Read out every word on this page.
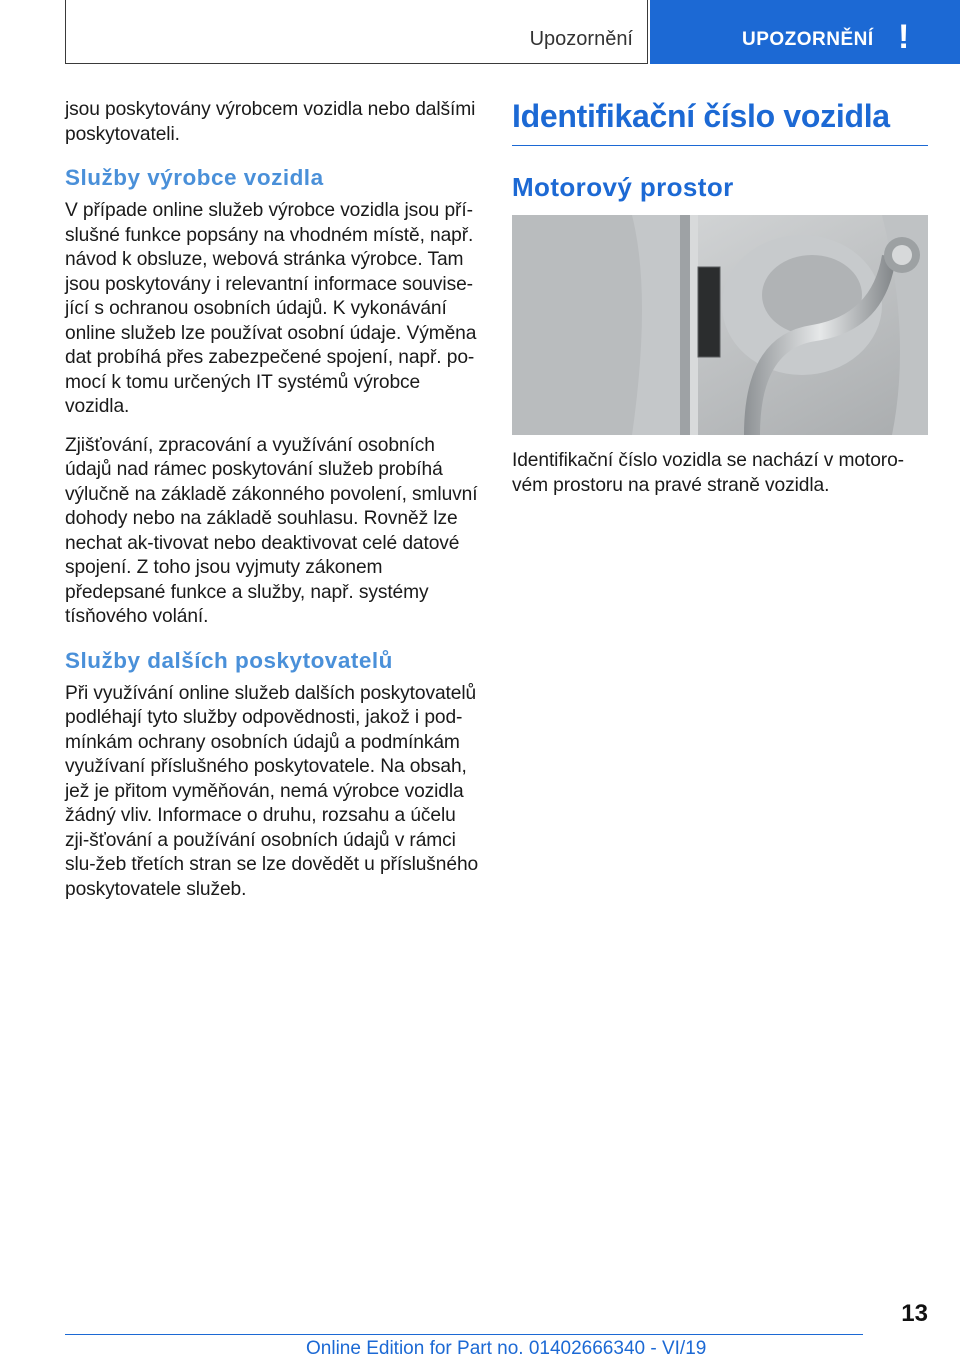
Upozornění	UPOZORNĚNÍ !

jsou poskytovány výrobcem vozidla nebo dalšími poskytovateli.

Služby výrobce vozidla

V případe online služeb výrobce vozidla jsou pří‐slušné funkce popsány na vhodném místě, např. návod k obsluze, webová stránka výrobce. Tam jsou poskytovány i relevantní informace souvise‐jící s ochranou osobních údajů. K vykonávání online služeb lze používat osobní údaje. Výměna dat probíhá přes zabezpečené spojení, např. po‐mocí k tomu určených IT systémů výrobce vozidla.

Zjišťování, zpracování a využívání osobních údajů nad rámec poskytování služeb probíhá výlučně na základě zákonného povolení, smluvní dohody nebo na základě souhlasu. Rovněž lze nechat ak‐tivovat nebo deaktivovat celé datové spojení. Z toho jsou vyjmuty zákonem předepsané funkce a služby, např. systémy tísňového volání.

Služby dalších poskytovatelů

Při využívání online služeb dalších poskytovatelů podléhají tyto služby odpovědnosti, jakož i pod‐mínkám ochrany osobních údajů a podmínkám využívaní příslušného poskytovatele. Na obsah, jež je přitom vyměňován, nemá výrobce vozidla žádný vliv. Informace o druhu, rozsahu a účelu zji‐šťování a používání osobních údajů v rámci slu‐žeb třetích stran se lze dovědět u příslušného poskytovatele služeb.

Identifikační číslo vozidla
Motorový prostor

Identifikační číslo vozidla se nachází v motoro‐vém prostoru na pravé straně vozidla.

13
Online Edition for Part no. 01402666340 - VI/19
